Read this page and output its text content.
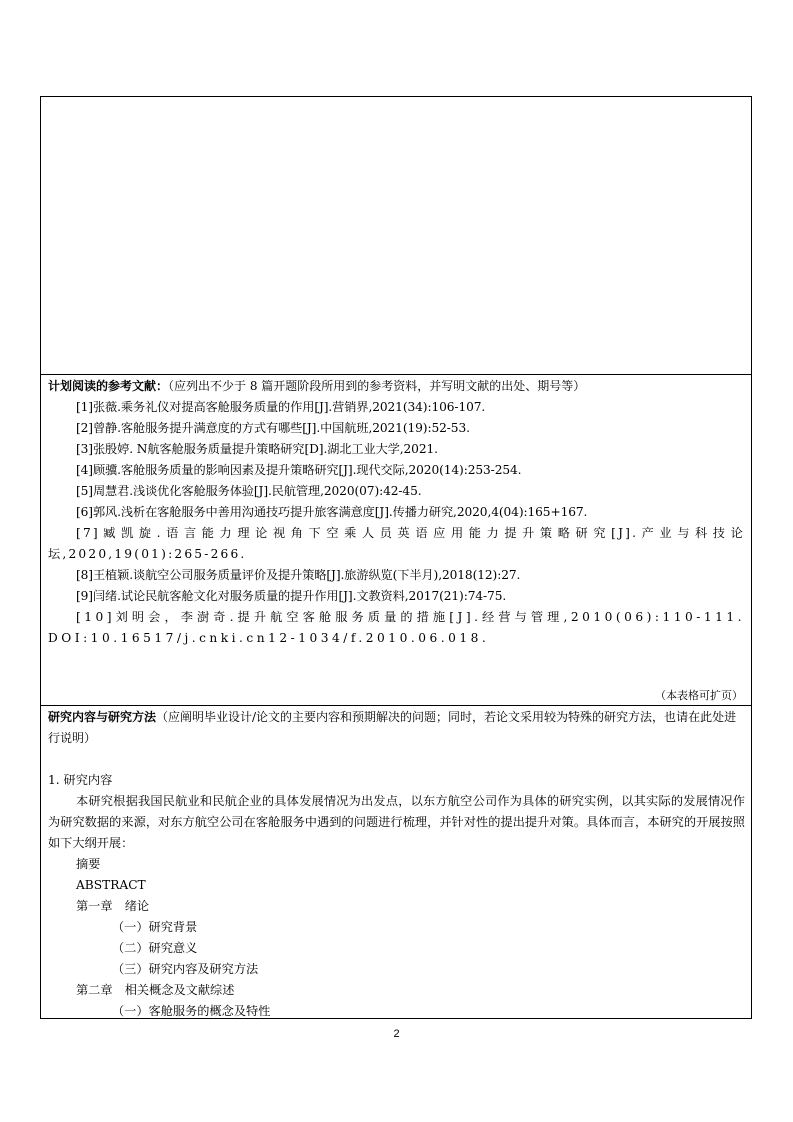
计划阅读的参考文献：（应列出不少于 8 篇开题阶段所用到的参考资料，并写明文献的出处、期号等）
[1]张薇.乘务礼仪对提高客舱服务质量的作用[J].营销界,2021(34):106-107.
[2]曾静.客舱服务提升满意度的方式有哪些[J].中国航班,2021(19):52-53.
[3]张殷婷. N航客舱服务质量提升策略研究[D].湖北工业大学,2021.
[4]顾骥.客舱服务质量的影响因素及提升策略研究[J].现代交际,2020(14):253-254.
[5]周慧君.浅谈优化客舱服务体验[J].民航管理,2020(07):42-45.
[6]郭风.浅析在客舱服务中善用沟通技巧提升旅客满意度[J].传播力研究,2020,4(04):165+167.
[7]臧凯旋.语言能力理论视角下空乘人员英语应用能力提升策略研究[J].产业与科技论坛,2020,19(01):265-266.
[8]王植颖.谈航空公司服务质量评价及提升策略[J].旅游纵览(下半月),2018(12):27.
[9]闫绪.试论民航客舱文化对服务质量的提升作用[J].文教资料,2017(21):74-75.
[10]刘明会，李澍奇.提升航空客舱服务质量的措施[J].经营与管理,2010(06):110-111. DOI:10.16517/j.cnki.cn12-1034/f.2010.06.018.
（本表格可扩页）
研究内容与研究方法（应阐明毕业设计/论文的主要内容和预期解决的问题；同时，若论文采用较为特殊的研究方法，也请在此处进行说明）
1. 研究内容
本研究根据我国民航业和民航企业的具体发展情况为出发点，以东方航空公司作为具体的研究实例，以其实际的发展情况作为研究数据的来源，对东方航空公司在客舱服务中遇到的问题进行梳理，并针对性的提出提升对策。具体而言，本研究的开展按照如下大纲开展：
摘要
ABSTRACT
第一章　绪论
（一）研究背景
（二）研究意义
（三）研究内容及研究方法
第二章　相关概念及文献综述
（一）客舱服务的概念及特性
2
